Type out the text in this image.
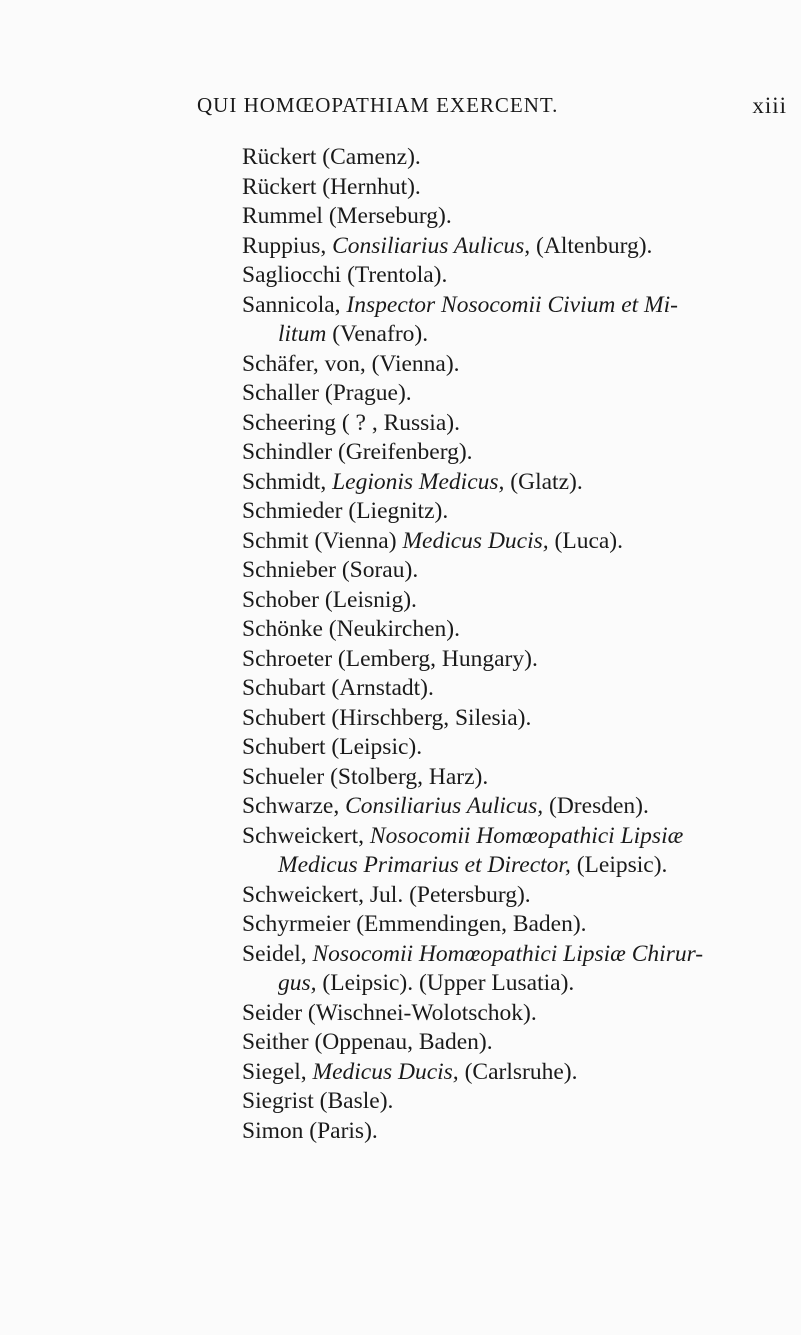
QUI HOMŒOPATHIAM EXERCENT.	xiii
Rückert (Camenz).
Rückert (Hernhut).
Rummel (Merseburg).
Ruppius, Consiliarius Aulicus, (Altenburg).
Sagliocchi (Trentola).
Sannicola, Inspector Nosocomii Civium et Mi-
litum (Venafro).
Schäfer, von, (Vienna).
Schaller (Prague).
Scheering ( ? , Russia).
Schindler (Greifenberg).
Schmidt, Legionis Medicus, (Glatz).
Schmieder (Liegnitz).
Schmit (Vienna) Medicus Ducis, (Luca).
Schnieber (Sorau).
Schober (Leisnig).
Schönke (Neukirchen).
Schroeter (Lemberg, Hungary).
Schubart (Arnstadt).
Schubert (Hirschberg, Silesia).
Schubert (Leipsic).
Schueler (Stolberg, Harz).
Schwarze, Consiliarius Aulicus, (Dresden).
Schweickert, Nosocomii Homœopathici Lipsiæ
Medicus Primarius et Director, (Leipsic).
Schweickert, Jul. (Petersburg).
Schyrmeier (Emmendingen, Baden).
Seidel, Nosocomii Homœopathici Lipsiæ Chirur-
gus, (Leipsic). (Upper Lusatia).
Seider (Wischnei-Wolotschok).
Seither (Oppenau, Baden).
Siegel, Medicus Ducis, (Carlsruhe).
Siegrist (Basle).
Simon (Paris).
